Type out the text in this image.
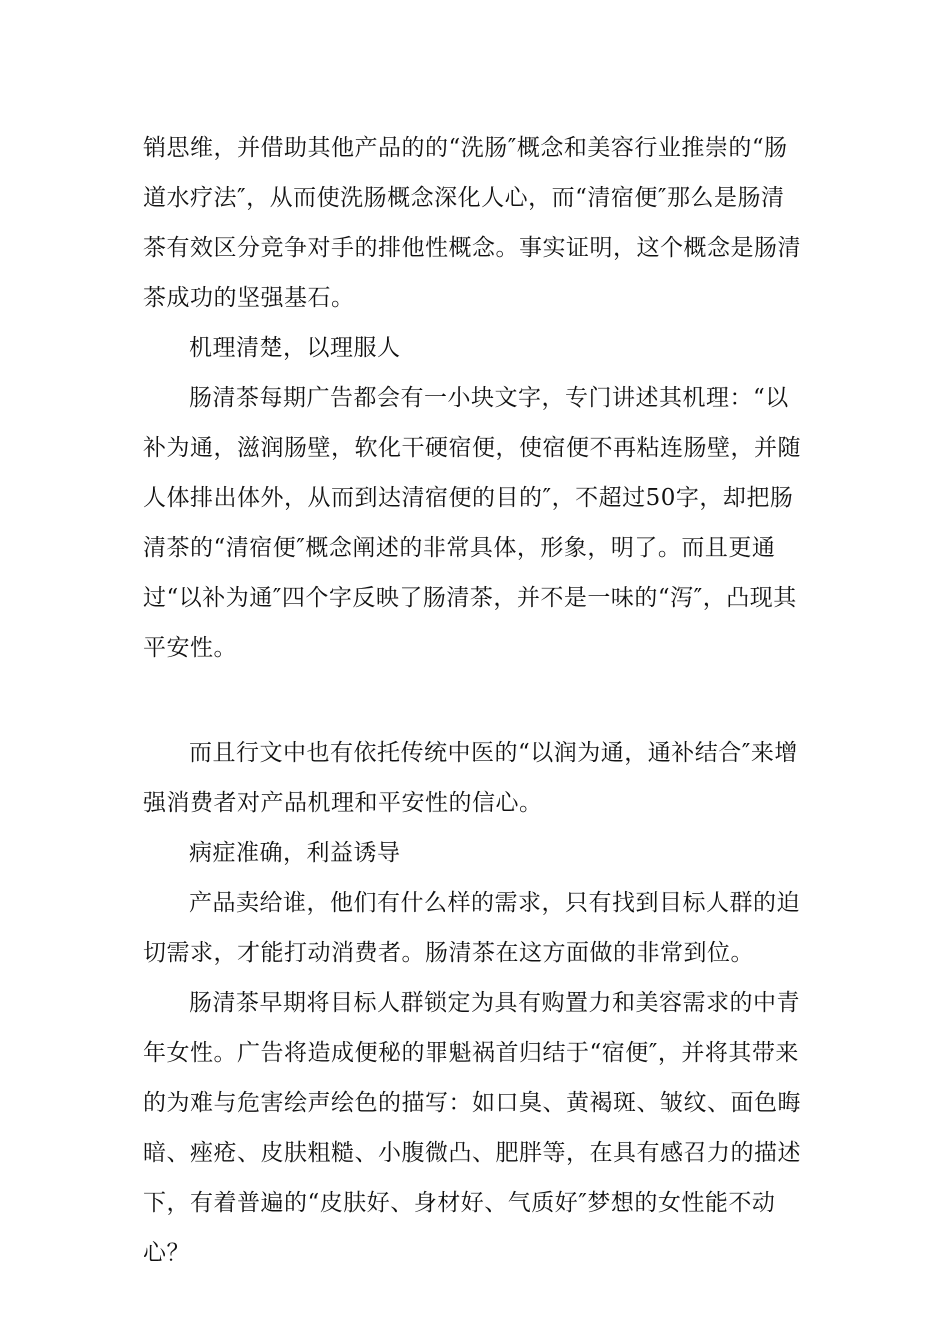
销思维，并借助其他产品的的“洗肠″概念和美容行业推崇的“肠道水疗法″，从而使洗肠概念深化人心，而“清宿便″那么是肠清茶有效区分竞争对手的排他性概念。事实证明，这个概念是肠清茶成功的坚强基石。

机理清楚，以理服人

肠清茶每期广告都会有一小块文字，专门讲述其机理：“以补为通，滋润肠壁，软化干硬宿便，使宿便不再粘连肠壁，并随人体排出体外，从而到达清宿便的目的″，不超过50字，却把肠清茶的“清宿便″概念阐述的非常具体，形象，明了。而且更通过“以补为通″四个字反映了肠清茶，并不是一味的“泻″，凸现其平安性。

而且行文中也有依托传统中医的“以润为通，通补结合″来增强消费者对产品机理和平安性的信心。

病症准确，利益诱导

产品卖给谁，他们有什么样的需求，只有找到目标人群的迫切需求，才能打动消费者。肠清茶在这方面做的非常到位。

肠清茶早期将目标人群锁定为具有购置力和美容需求的中青年女性。广告将造成便秘的罪魁祸首归结于“宿便″，并将其带来的为难与危害绘声绘色的描写：如口臭、黄褐斑、皱纹、面色晦暗、痤疮、皮肤粗糙、小腹微凸、肥胖等，在具有感召力的描述下，有着普遍的“皮肤好、身材好、气质好″梦想的女性能不动心？
